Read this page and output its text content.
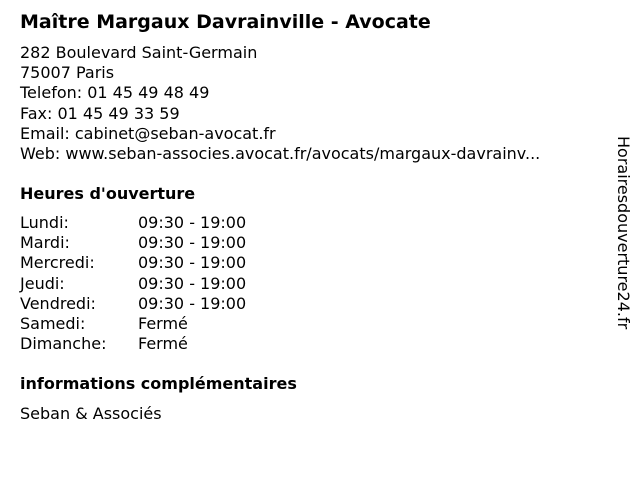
Maître Margaux Davrainville - Avocate
282 Boulevard Saint-Germain
75007 Paris
Telefon: 01 45 49 48 49
Fax: 01 45 49 33 59
Email: cabinet@seban-avocat.fr
Web: www.seban-associes.avocat.fr/avocats/margaux-davrainv...
Heures d'ouverture
Lundi:	09:30 - 19:00
Mardi:	09:30 - 19:00
Mercredi:	09:30 - 19:00
Jeudi:	09:30 - 19:00
Vendredi:	09:30 - 19:00
Samedi:	Fermé
Dimanche:	Fermé
informations complémentaires
Seban & Associés
Horairesdouverture24.fr
